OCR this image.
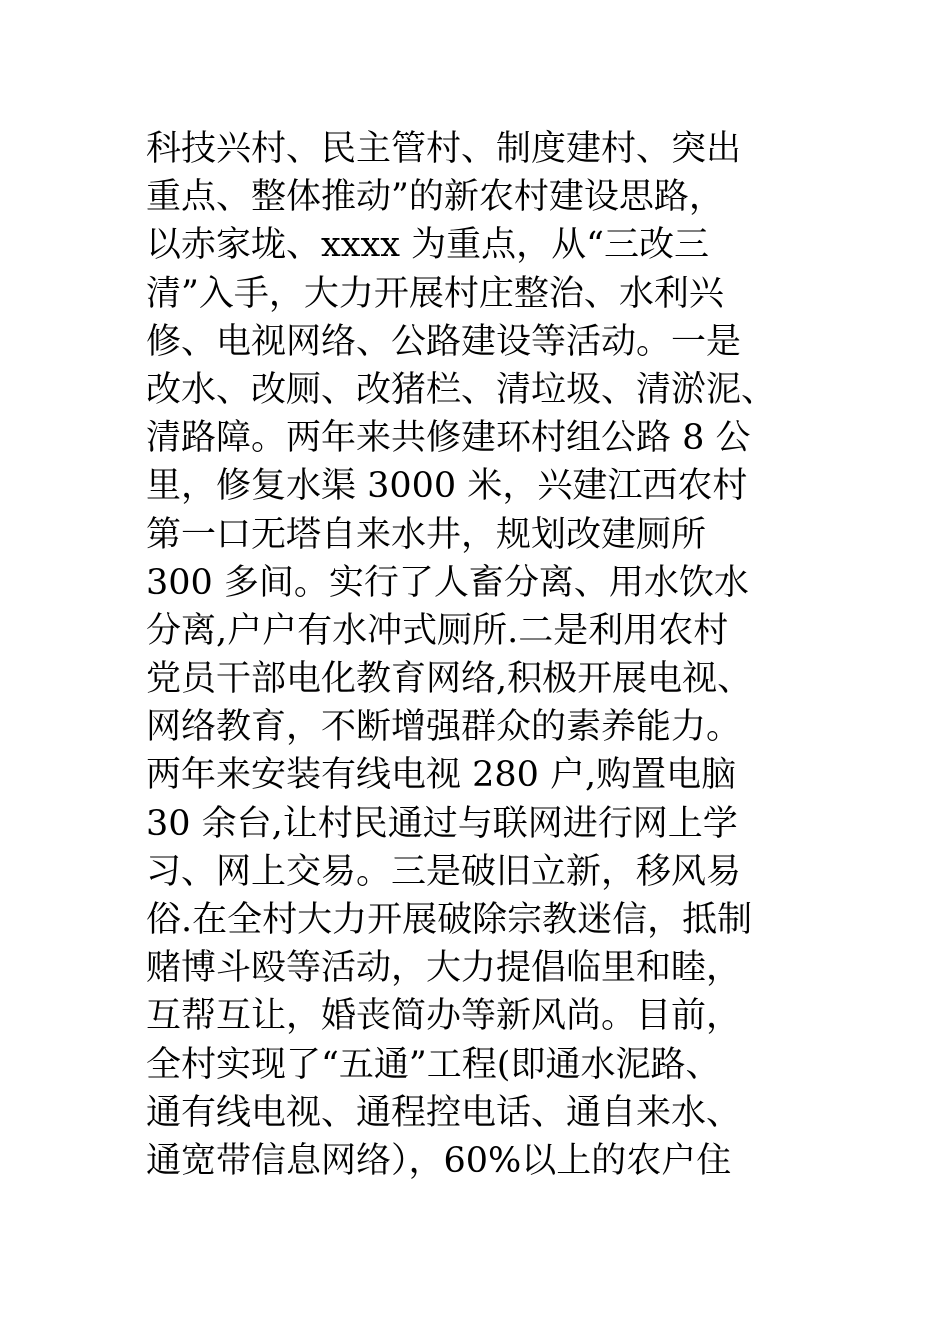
科技兴村、民主管村、制度建村、突出
重点、整体推动”的新农村建设思路，
以赤家垅、xxxx 为重点，从“三改三
清”入手，大力开展村庄整治、水利兴
修、电视网络、公路建设等活动。一是
改水、改厕、改猪栏、清垃圾、清淤泥、
清路障。两年来共修建环村组公路 8 公
里，修复水渠 3000 米，兴建江西农村
第一口无塔自来水井，规划改建厕所
300 多间。实行了人畜分离、用水饮水
分离,户户有水冲式厕所.二是利用农村
党员干部电化教育网络,积极开展电视、
网络教育，不断增强群众的素养能力。
两年来安装有线电视 280 户,购置电脑
30 余台,让村民通过与联网进行网上学
习、网上交易。三是破旧立新，移风易
俗.在全村大力开展破除宗教迷信，抵制
赌博斗殴等活动，大力提倡临里和睦，
互帮互让，婚丧简办等新风尚。目前，
全村实现了“五通”工程(即通水泥路、
通有线电视、通程控电话、通自来水、
通宽带信息网络），60%以上的农户住
